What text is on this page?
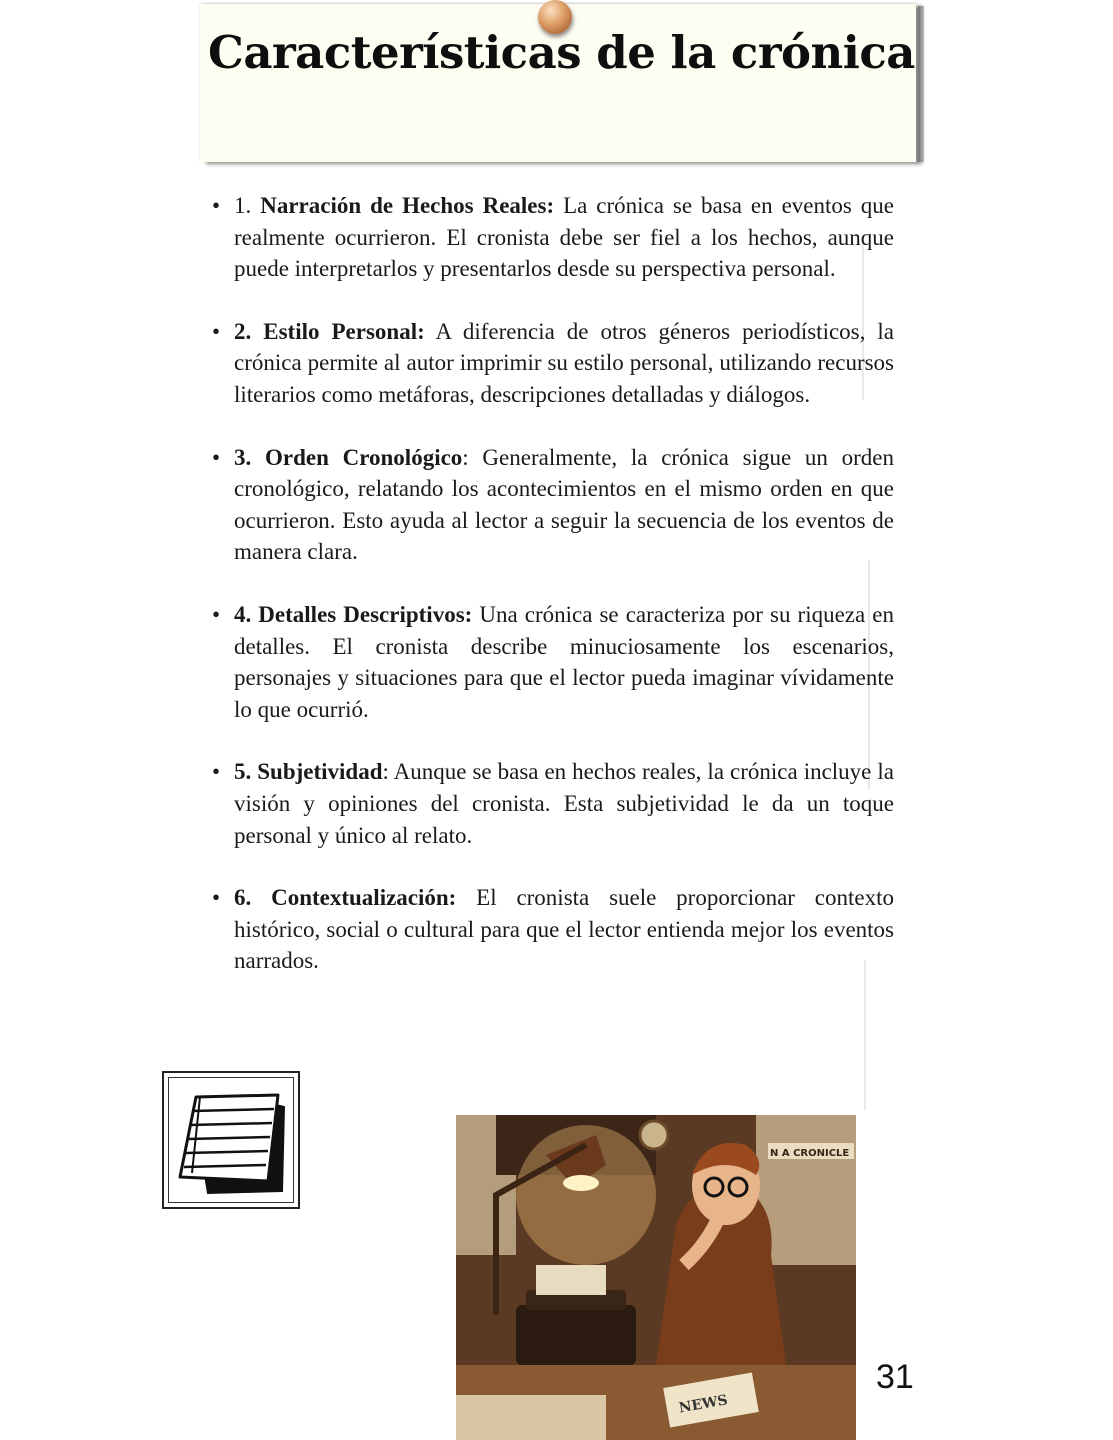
Características de la crónica
• 1. Narración de Hechos Reales: La crónica se basa en eventos que realmente ocurrieron. El cronista debe ser fiel a los hechos, aunque puede interpretarlos y presentarlos desde su perspectiva personal.
• 2. Estilo Personal: A diferencia de otros géneros periodísticos, la crónica permite al autor imprimir su estilo personal, utilizando recursos literarios como metáforas, descripciones detalladas y diálogos.
• 3. Orden Cronológico: Generalmente, la crónica sigue un orden cronológico, relatando los acontecimientos en el mismo orden en que ocurrieron. Esto ayuda al lector a seguir la secuencia de los eventos de manera clara.
• 4. Detalles Descriptivos: Una crónica se caracteriza por su riqueza en detalles. El cronista describe minuciosamente los escenarios, personajes y situaciones para que el lector pueda imaginar vívidamente lo que ocurrió.
• 5. Subjetividad: Aunque se basa en hechos reales, la crónica incluye la visión y opiniones del cronista. Esta subjetividad le da un toque personal y único al relato.
• 6. Contextualización: El cronista suele proporcionar contexto histórico, social o cultural para que el lector entienda mejor los eventos narrados.
N A CRONICLE
NEWS

31
